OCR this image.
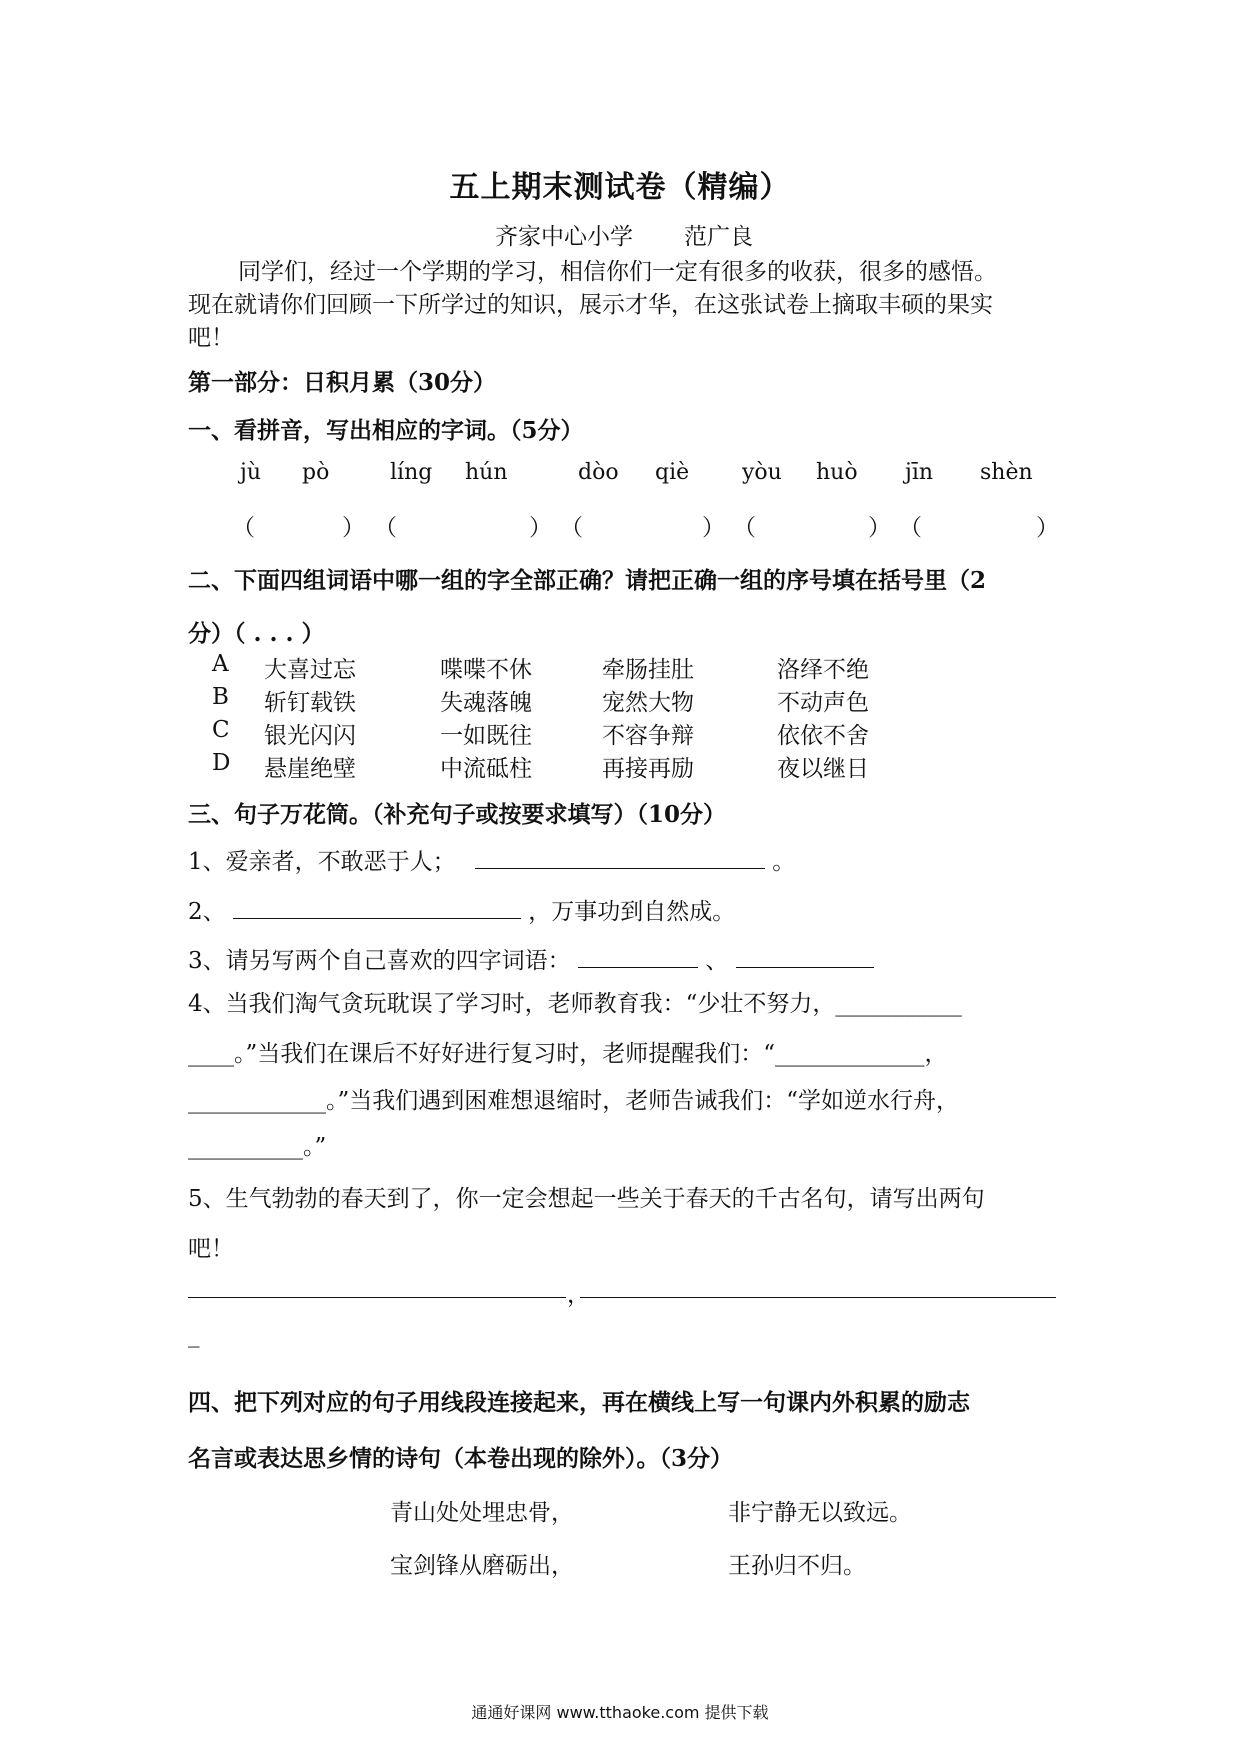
五上期末测试卷（精编）
齐家中心小学 范广良
同学们，经过一个学期的学习，相信你们一定有很多的收获，很多的感悟。
现在就请你们回顾一下所学过的知识，展示才华，在这张试卷上摘取丰硕的果实
吧！
第一部分：日积月累（30分）
一、看拼音，写出相应的字词。（5分）
jù pò	líng hún	dòo qiè yòu huò jīn shèn
（	） （	） （	） （	） （	）
二、下面四组词语中哪一组的字全部正确？请把正确一组的序号填在括号里（2
分）（ . . . ）
A 大喜过忘	喋喋不休	牵肠挂肚	洛绎不绝
B 斩钉载铁	失魂落魄	宠然大物	不动声色
C 银光闪闪	一如既往	不容争辩	依依不舍
D 悬崖绝壁	中流砥柱	再接再励	夜以继日
三、句子万花筒。（补充句子或按要求填写）（10分）
1、爱亲者，不敢恶于人；	。
2、	，万事功到自然成。
3、请另写两个自己喜欢的四字词语：	、
4、当我们淘气贪玩耽误了学习时，老师教育我：“少壮不努力，___________
____。”当我们在课后不好好进行复习时，老师提醒我们：“_____________，
____________。”当我们遇到困难想退缩时，老师告诫我们：“学如逆水行舟，
__________。”
5、生气勃勃的春天到了，你一定会想起一些关于春天的千古名句，请写出两句
吧！
，
_
四、把下列对应的句子用线段连接起来，再在横线上写一句课内外积累的励志
名言或表达思乡情的诗句（本卷出现的除外）。（3分）
青山处处埋忠骨，	非宁静无以致远。
宝剑锋从磨砺出，	王孙归不归。
通通好课网 www.tthaoke.com 提供下载
